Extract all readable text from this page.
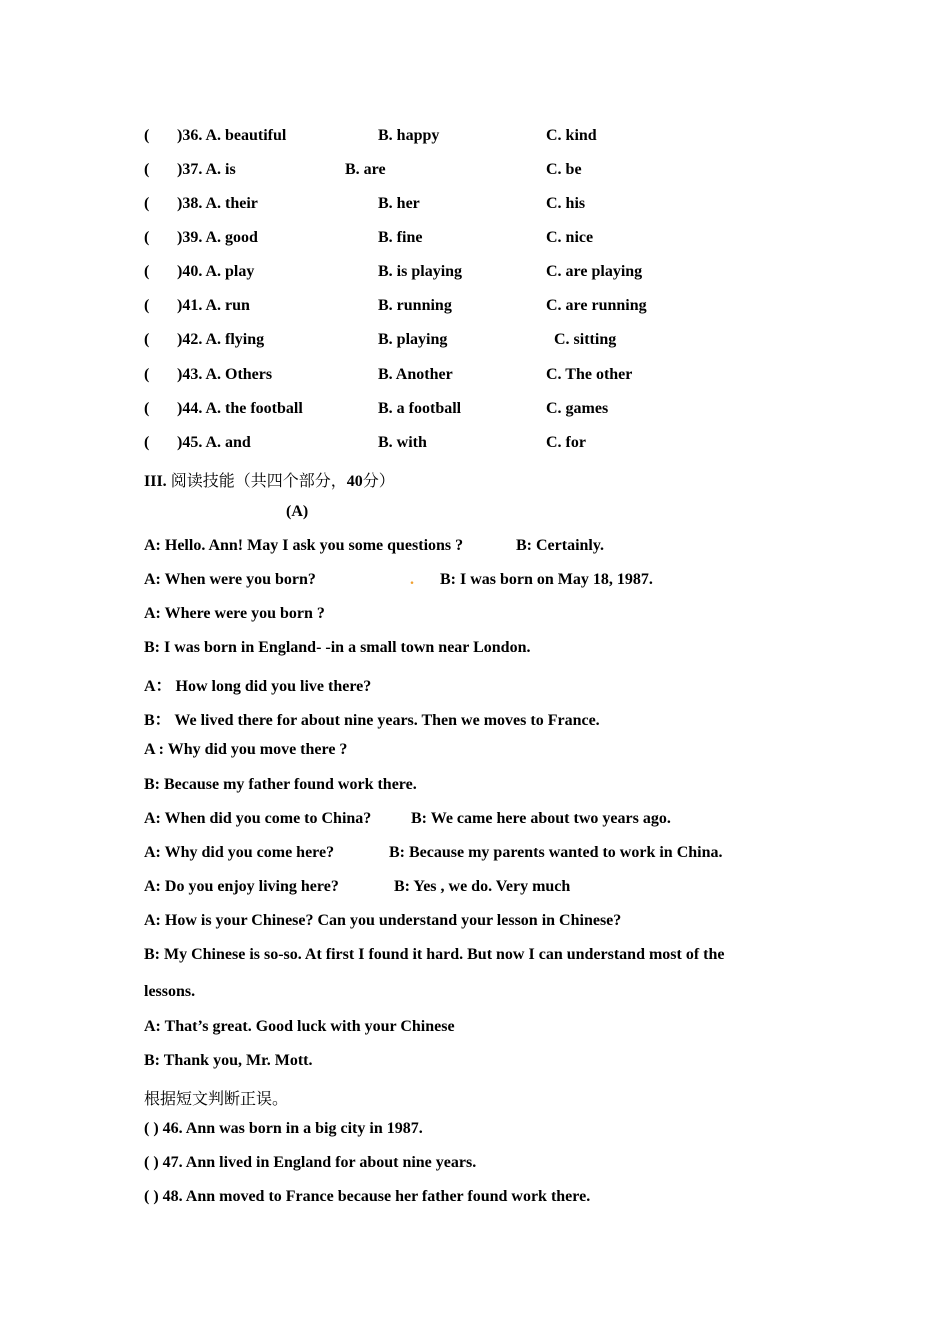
( )36. A. beautiful	B. happy	C. kind
( )37. A. is	B. are	C. be
( )38. A. their	B. her	C. his
( )39. A. good	B. fine	C. nice
( )40. A. play	B. is playing	C. are playing
( )41. A. run	B. running	C. are running
( )42. A. flying	B. playing	C. sitting
( )43. A. Others	B. Another	C. The other
( )44. A. the football	B. a football	C. games
( )45. A. and	B. with	C. for
III. 阅读技能（共四个部分，40分）
(A)
A: Hello. Ann! May I ask you some questions ?	B: Certainly.
A: When were you born?	. B: I was born on May 18, 1987.
A: Where were you born ?
B: I was born in England- -in a small town near London.
A： How long did you live there?
B： We lived there for about nine years. Then we moves to France.
A : Why did you move there ?
B: Because my father found work there.
A: When did you come to China? B: We came here about two years ago.
A: Why did you come here?	B: Because my parents wanted to work in China.
A: Do you enjoy living here?	B: Yes , we do. Very much
A: How is your Chinese? Can you understand your lesson in Chinese?
B: My Chinese is so-so. At first I found it hard. But now I can understand most of the
lessons.
A: That’s great. Good luck with your Chinese
B: Thank you, Mr. Mott.
根据短文判断正误。
( ) 46. Ann was born in a big city in 1987.
( ) 47. Ann lived in England for about nine years.
( ) 48. Ann moved to France because her father found work there.
